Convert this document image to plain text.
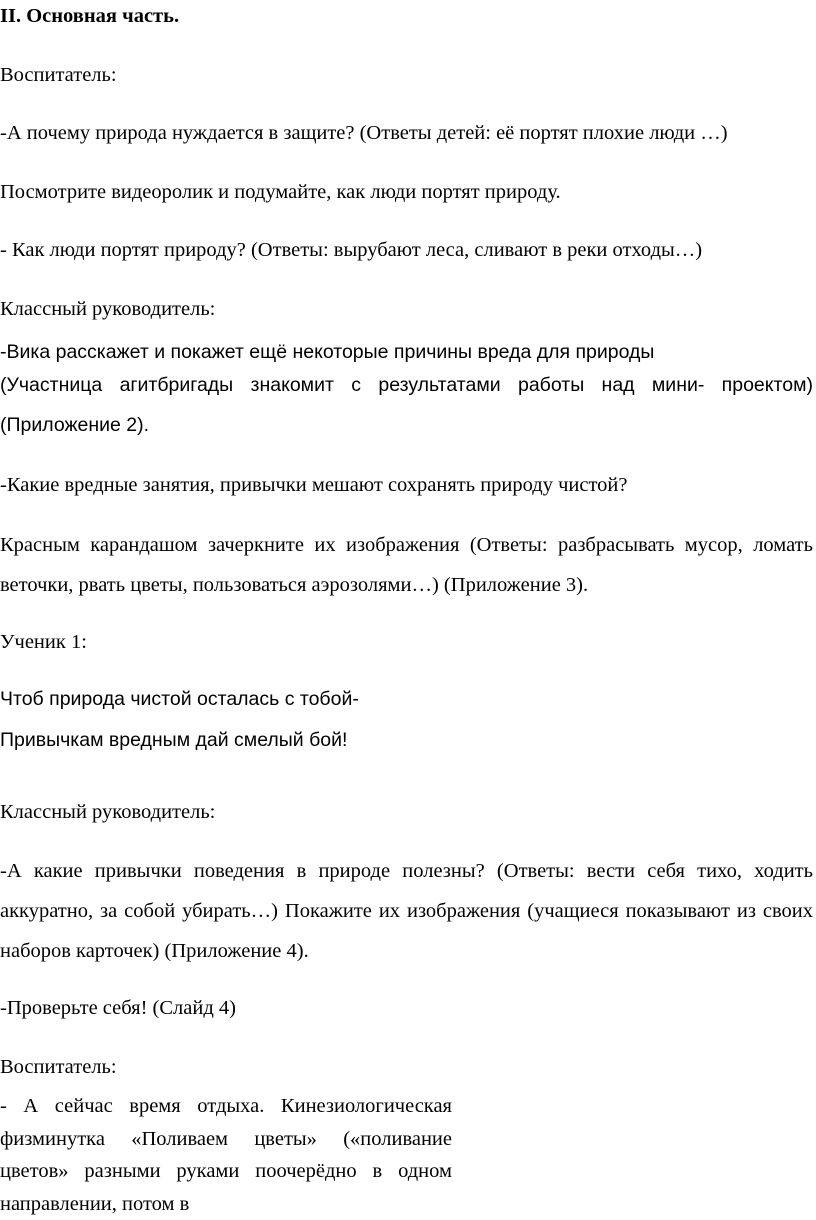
II. Основная часть.
Воспитатель:
-А почему природа нуждается в защите? (Ответы детей: её портят плохие люди …)
Посмотрите видеоролик и подумайте, как люди портят природу.
- Как люди портят природу? (Ответы: вырубают леса, сливают в реки отходы…)
Классный руководитель:
-Вика расскажет и покажет ещё некоторые причины вреда для природы
(Участница агитбригады знакомит с результатами работы над мини- проектом) (Приложение 2).
-Какие вредные занятия, привычки мешают сохранять природу чистой?
Красным карандашом зачеркните их изображения (Ответы: разбрасывать мусор, ломать веточки, рвать цветы, пользоваться аэрозолями…) (Приложение 3).
Ученик 1:
Чтоб природа чистой осталась с тобой-
Привычкам вредным дай смелый бой!
Классный руководитель:
-А какие привычки поведения в природе полезны? (Ответы: вести себя тихо, ходить аккуратно, за собой убирать…) Покажите их изображения (учащиеся показывают из своих наборов карточек) (Приложение 4).
-Проверьте себя! (Слайд 4)
Воспитатель:
- А сейчас время отдыха. Кинезиологическая физминутка «Поливаем цветы» («поливание цветов» разными руками поочерёдно в одном направлении, потом в
